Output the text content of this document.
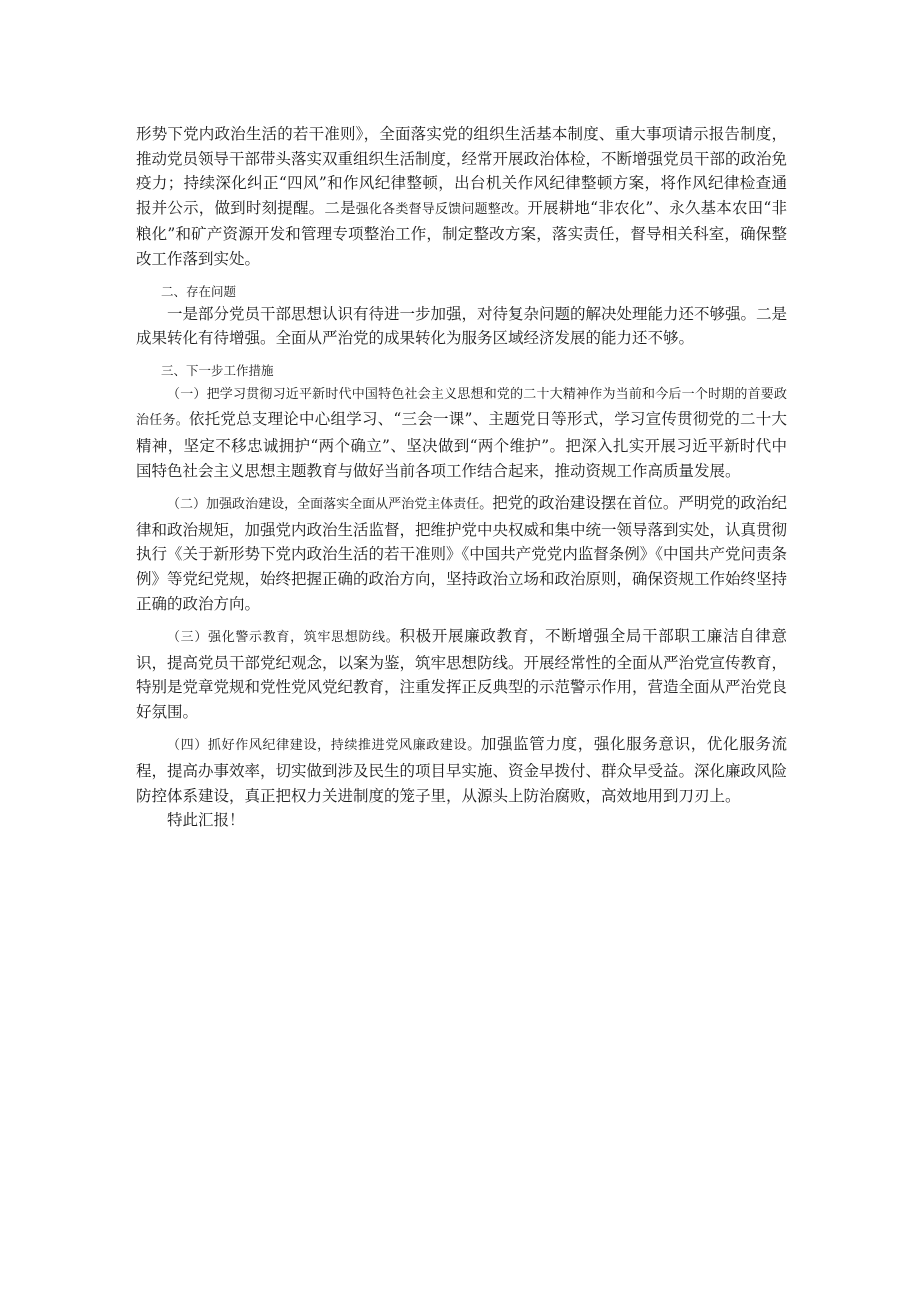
形势下党内政治生活的若干准则》，全面落实党的组织生活基本制度、重大事项请示报告制度，推动党员领导干部带头落实双重组织生活制度，经常开展政治体检，不断增强党员干部的政治免疫力；持续深化纠正“四风”和作风纪律整顿，出台机关作风纪律整顿方案，将作风纪律检查通报并公示，做到时刻提醒。二是强化各类督导反馈问题整改。开展耕地“非农化”、永久基本农田“非粮化”和矿产资源开发和管理专项整治工作，制定整改方案，落实责任，督导相关科室，确保整改工作落到实处。

二、存在问题

一是部分党员干部思想认识有待进一步加强，对待复杂问题的解决处理能力还不够强。二是成果转化有待增强。全面从严治党的成果转化为服务区域经济发展的能力还不够。

三、下一步工作措施

（一）把学习贯彻习近平新时代中国特色社会主义思想和党的二十大精神作为当前和今后一个时期的首要政治任务。依托党总支理论中心组学习、“三会一课”、主题党日等形式，学习宣传贯彻党的二十大精神，坚定不移忠诚拥护“两个确立”、坚决做到“两个维护”。把深入扎实开展习近平新时代中国特色社会主义思想主题教育与做好当前各项工作结合起来，推动资规工作高质量发展。

（二）加强政治建设，全面落实全面从严治党主体责任。把党的政治建设摆在首位。严明党的政治纪律和政治规矩，加强党内政治生活监督，把维护党中央权威和集中统一领导落到实处，认真贯彻执行《关于新形势下党内政治生活的若干准则》《中国共产党党内监督条例》《中国共产党问责条例》等党纪党规，始终把握正确的政治方向，坚持政治立场和政治原则，确保资规工作始终坚持正确的政治方向。

（三）强化警示教育，筑牢思想防线。积极开展廉政教育，不断增强全局干部职工廉洁自律意识，提高党员干部党纪观念，以案为鉴，筑牢思想防线。开展经常性的全面从严治党宣传教育，特别是党章党规和党性党风党纪教育，注重发挥正反典型的示范警示作用，营造全面从严治党良好氛围。

（四）抓好作风纪律建设，持续推进党风廉政建设。加强监管力度，强化服务意识，优化服务流程，提高办事效率，切实做到涉及民生的项目早实施、资金早拨付、群众早受益。深化廉政风险防控体系建设，真正把权力关进制度的笼子里，从源头上防治腐败，高效地用到刀刃上。

特此汇报！
